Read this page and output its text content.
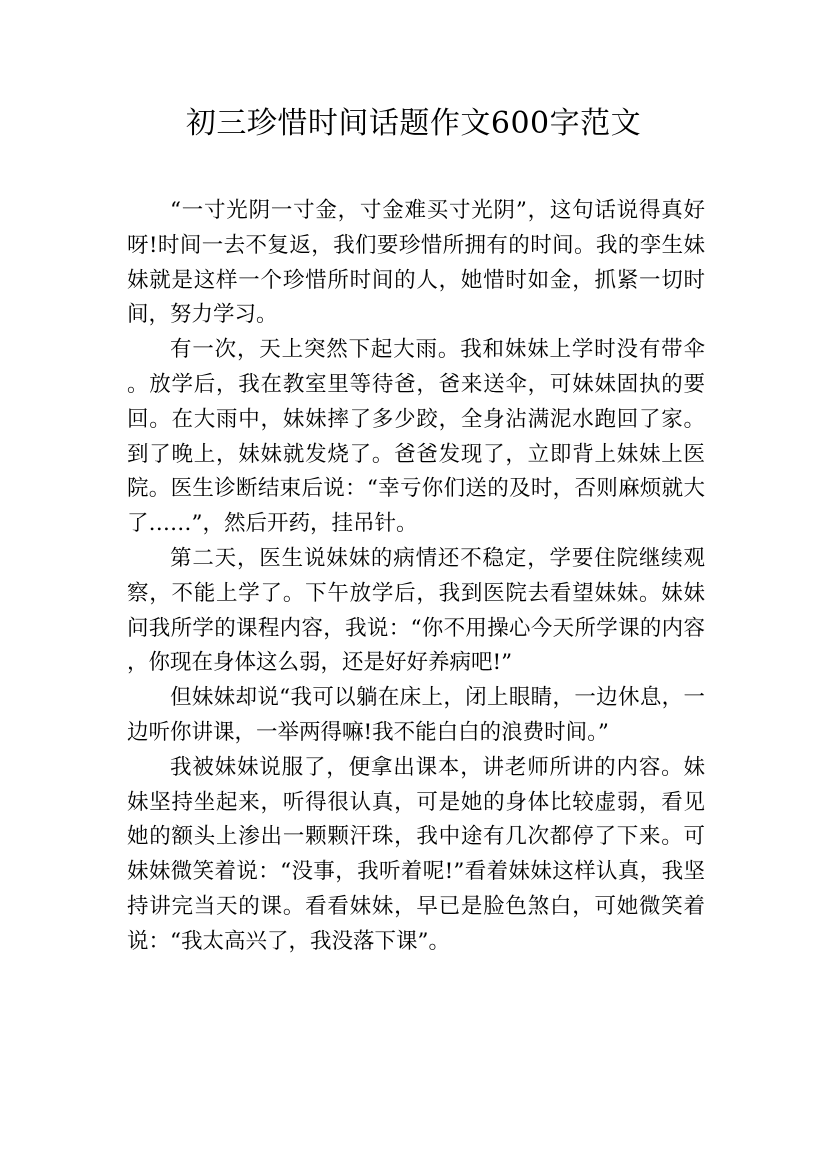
初三珍惜时间话题作文600字范文

“一寸光阴一寸金，寸金难买寸光阴”，这句话说得真好呀!时间一去不复返，我们要珍惜所拥有的时间。我的孪生妹妹就是这样一个珍惜所时间的人，她惜时如金，抓紧一切时间，努力学习。

有一次，天上突然下起大雨。我和妹妹上学时没有带伞。放学后，我在教室里等待爸，爸来送伞，可妹妹固执的要回。在大雨中，妹妹摔了多少跤，全身沾满泥水跑回了家。到了晚上，妹妹就发烧了。爸爸发现了，立即背上妹妹上医院。医生诊断结束后说：“幸亏你们送的及时，否则麻烦就大了……”，然后开药，挂吊针。

第二天，医生说妹妹的病情还不稳定，学要住院继续观察，不能上学了。下午放学后，我到医院去看望妹妹。妹妹问我所学的课程内容，我说：“你不用操心今天所学课的内容，你现在身体这么弱，还是好好养病吧!”

但妹妹却说“我可以躺在床上，闭上眼睛，一边休息，一边听你讲课，一举两得嘛!我不能白白的浪费时间。”

我被妹妹说服了，便拿出课本，讲老师所讲的内容。妹妹坚持坐起来，听得很认真，可是她的身体比较虚弱，看见她的额头上渗出一颗颗汗珠，我中途有几次都停了下来。可妹妹微笑着说：“没事，我听着呢!”看着妹妹这样认真，我坚持讲完当天的课。看看妹妹，早已是脸色煞白，可她微笑着说：“我太高兴了，我没落下课”。
